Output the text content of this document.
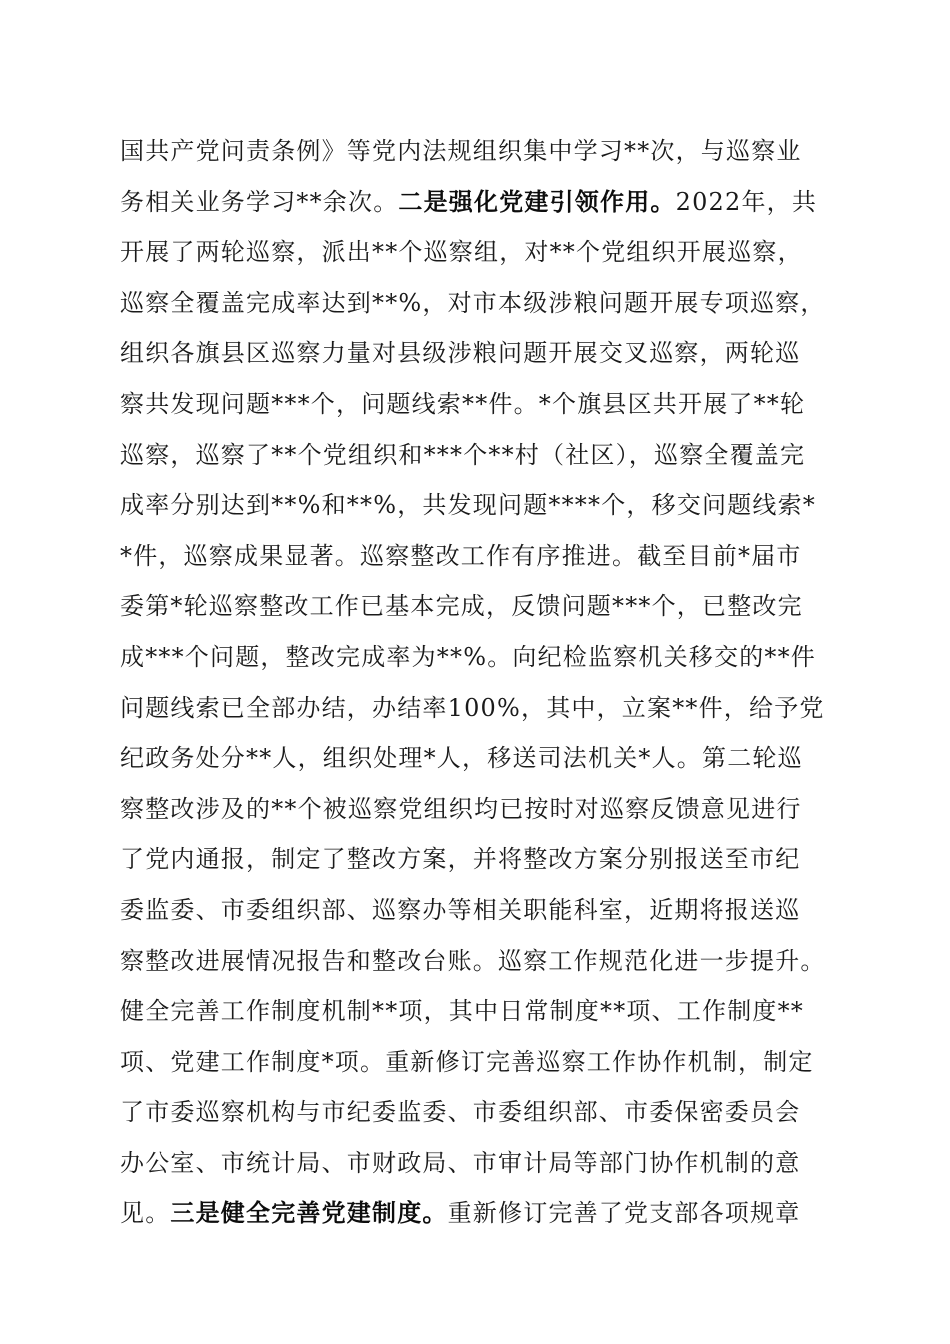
国共产党问责条例》等党内法规组织集中学习**次，与巡察业
务相关业务学习**余次。二是强化党建引领作用。2022年，共
开展了两轮巡察，派出**个巡察组，对**个党组织开展巡察，
巡察全覆盖完成率达到**%，对市本级涉粮问题开展专项巡察，
组织各旗县区巡察力量对县级涉粮问题开展交叉巡察，两轮巡
察共发现问题***个，问题线索**件。*个旗县区共开展了**轮
巡察，巡察了**个党组织和***个**村（社区），巡察全覆盖完
成率分别达到**%和**%，共发现问题****个，移交问题线索*
*件，巡察成果显著。巡察整改工作有序推进。截至目前*届市
委第*轮巡察整改工作已基本完成，反馈问题***个，已整改完
成***个问题，整改完成率为**%。向纪检监察机关移交的**件
问题线索已全部办结，办结率100%，其中，立案**件，给予党
纪政务处分**人，组织处理*人，移送司法机关*人。第二轮巡
察整改涉及的**个被巡察党组织均已按时对巡察反馈意见进行
了党内通报，制定了整改方案，并将整改方案分别报送至市纪
委监委、市委组织部、巡察办等相关职能科室，近期将报送巡
察整改进展情况报告和整改台账。巡察工作规范化进一步提升。
健全完善工作制度机制**项，其中日常制度**项、工作制度**
项、党建工作制度*项。重新修订完善巡察工作协作机制，制定
了市委巡察机构与市纪委监委、市委组织部、市委保密委员会
办公室、市统计局、市财政局、市审计局等部门协作机制的意
见。三是健全完善党建制度。重新修订完善了党支部各项规章
